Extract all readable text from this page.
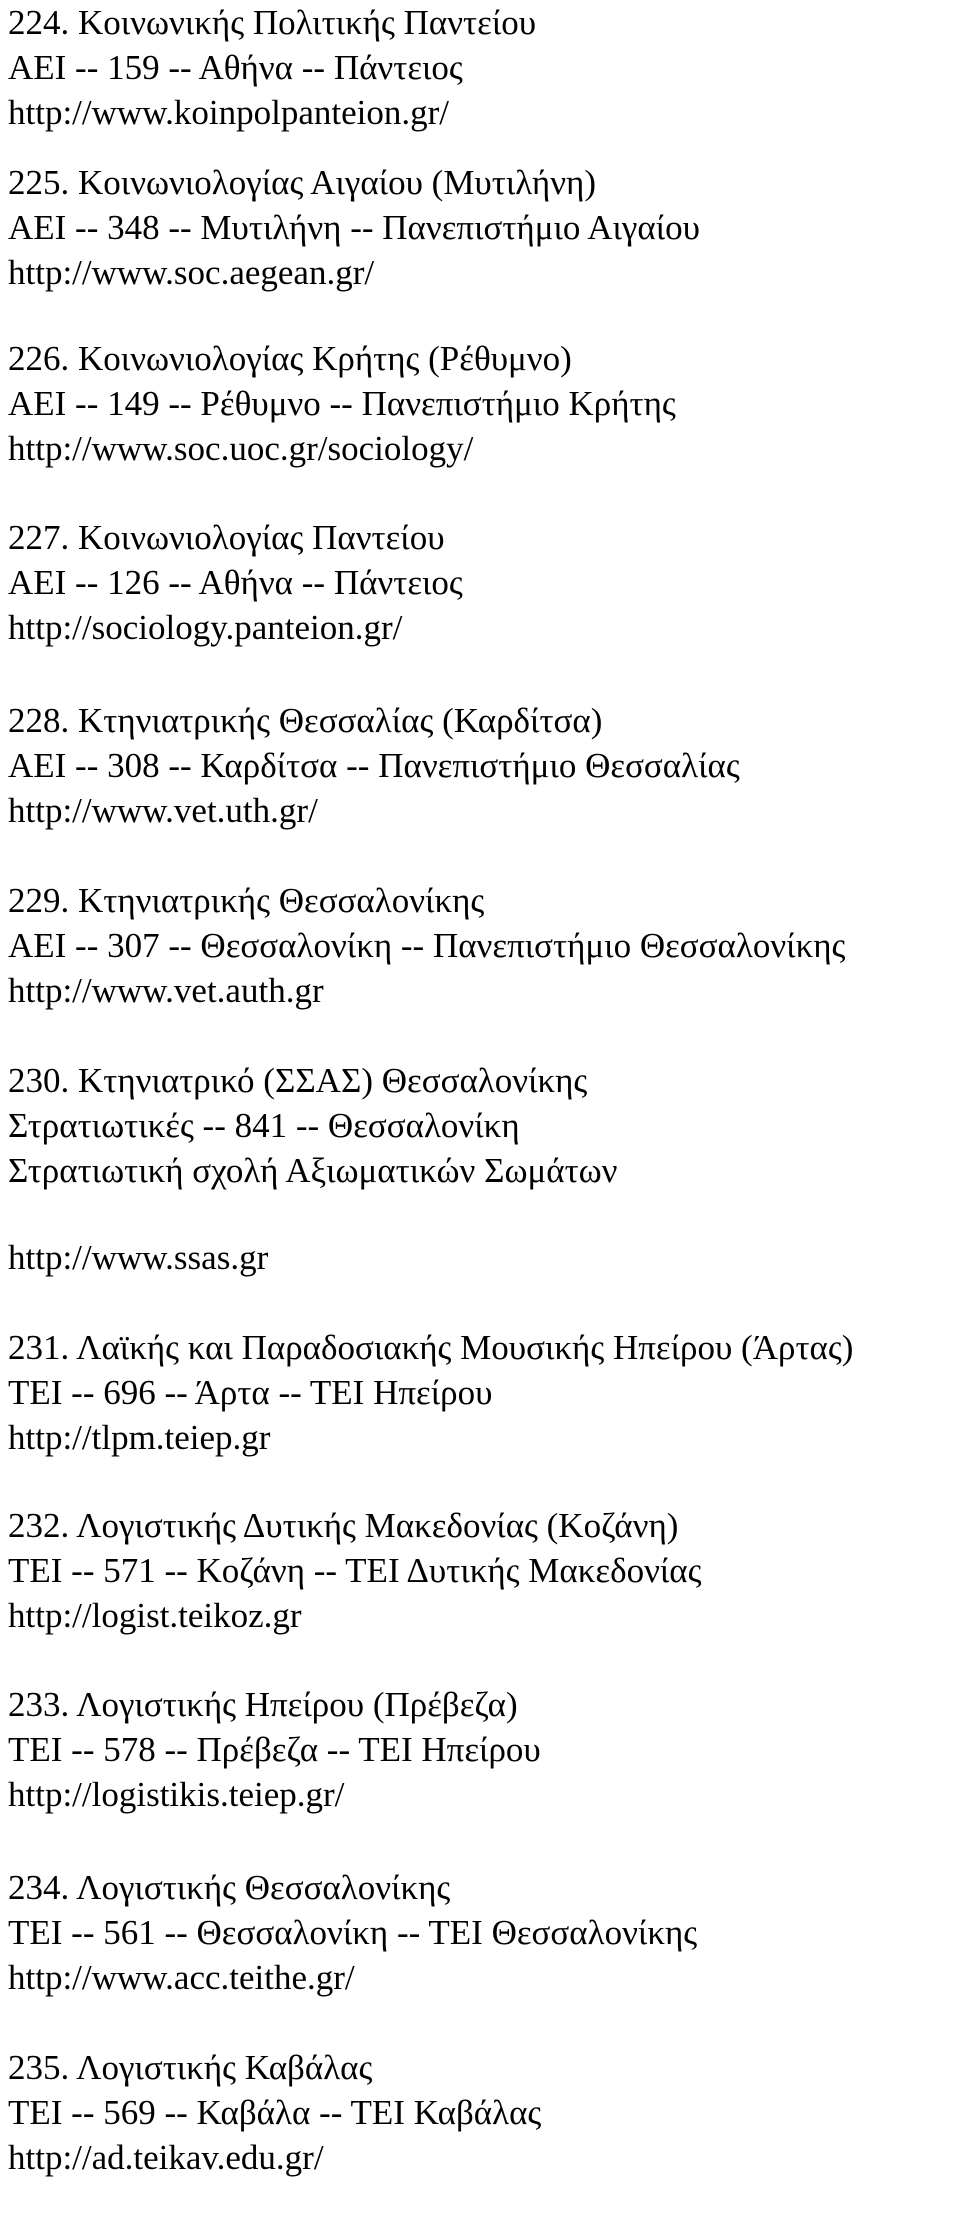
224. Κοινωνικής Πολιτικής Παντείου
ΑΕΙ -- 159 -- Αθήνα -- Πάντειος
http://www.koinpolpanteion.gr/
225. Κοινωνιολογίας Αιγαίου (Μυτιλήνη)
ΑΕΙ -- 348 -- Μυτιλήνη -- Πανεπιστήμιο Αιγαίου
http://www.soc.aegean.gr/
226. Κοινωνιολογίας Κρήτης (Ρέθυμνο)
ΑΕΙ -- 149 -- Ρέθυμνο -- Πανεπιστήμιο Κρήτης
http://www.soc.uoc.gr/sociology/
227. Κοινωνιολογίας Παντείου
ΑΕΙ -- 126 -- Αθήνα -- Πάντειος
http://sociology.panteion.gr/
228. Κτηνιατρικής Θεσσαλίας (Καρδίτσα)
ΑΕΙ -- 308 -- Καρδίτσα -- Πανεπιστήμιο Θεσσαλίας
http://www.vet.uth.gr/
229. Κτηνιατρικής Θεσσαλονίκης
ΑΕΙ -- 307 -- Θεσσαλονίκη -- Πανεπιστήμιο Θεσσαλονίκης
http://www.vet.auth.gr
230. Κτηνιατρικό (ΣΣΑΣ) Θεσσαλονίκης
Στρατιωτικές -- 841 -- Θεσσαλονίκη
Στρατιωτική σχολή Αξιωματικών Σωμάτων
http://www.ssas.gr
231. Λαϊκής και Παραδοσιακής Μουσικής Ηπείρου (Άρτας)
ΤΕΙ -- 696 -- Άρτα -- ΤΕΙ Ηπείρου
http://tlpm.teiep.gr
232. Λογιστικής Δυτικής Μακεδονίας (Κοζάνη)
ΤΕΙ -- 571 -- Κοζάνη -- ΤΕΙ Δυτικής Μακεδονίας
http://logist.teikoz.gr
233. Λογιστικής Ηπείρου (Πρέβεζα)
ΤΕΙ -- 578 -- Πρέβεζα -- ΤΕΙ Ηπείρου
http://logistikis.teiep.gr/
234. Λογιστικής Θεσσαλονίκης
ΤΕΙ -- 561 -- Θεσσαλονίκη -- ΤΕΙ Θεσσαλονίκης
http://www.acc.teithe.gr/
235. Λογιστικής Καβάλας
ΤΕΙ -- 569 -- Καβάλα -- ΤΕΙ Καβάλας
http://ad.teikav.edu.gr/
